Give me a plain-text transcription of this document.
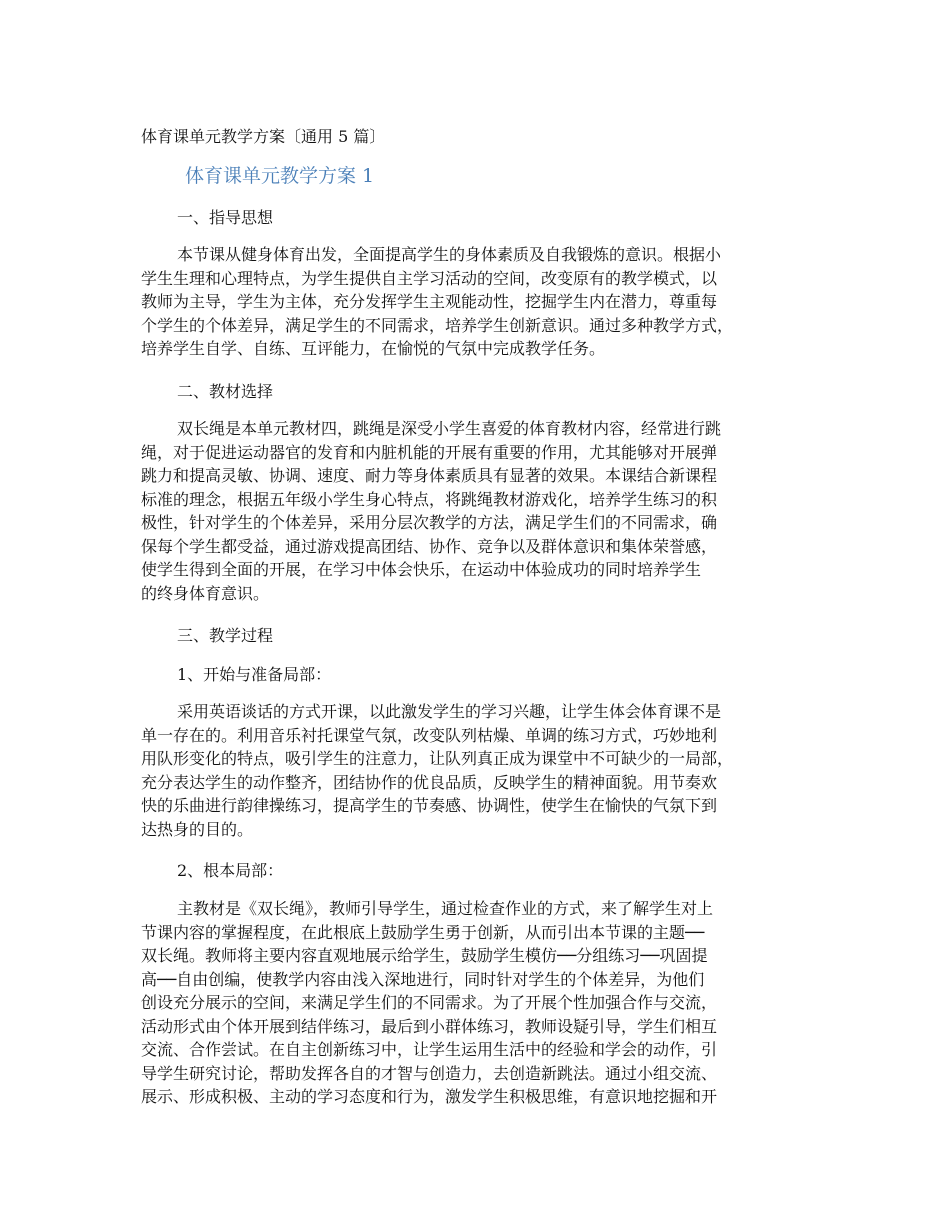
体育课单元教学方案〔通用 5 篇〕
体育课单元教学方案 1
一、指导思想
本节课从健身体育出发，全面提高学生的身体素质及自我锻炼的意识。根据小
学生生理和心理特点，为学生提供自主学习活动的空间，改变原有的教学模式，以
教师为主导，学生为主体，充分发挥学生主观能动性，挖掘学生内在潜力，尊重每
个学生的个体差异，满足学生的不同需求，培养学生创新意识。通过多种教学方式，
培养学生自学、自练、互评能力，在愉悦的气氛中完成教学任务。
二、教材选择
双长绳是本单元教材四，跳绳是深受小学生喜爱的体育教材内容，经常进行跳
绳，对于促进运动器官的发育和内脏机能的开展有重要的作用，尤其能够对开展弹
跳力和提高灵敏、协调、速度、耐力等身体素质具有显著的效果。本课结合新课程
标准的理念，根据五年级小学生身心特点，将跳绳教材游戏化，培养学生练习的积
极性，针对学生的个体差异，采用分层次教学的方法，满足学生们的不同需求，确
保每个学生都受益，通过游戏提高团结、协作、竞争以及群体意识和集体荣誉感，
使学生得到全面的开展，在学习中体会快乐，在运动中体验成功的同时培养学生
的终身体育意识。
三、教学过程
1、开始与准备局部：
采用英语谈话的方式开课，以此激发学生的学习兴趣，让学生体会体育课不是
单一存在的。利用音乐衬托课堂气氛，改变队列枯燥、单调的练习方式，巧妙地利
用队形变化的特点，吸引学生的注意力，让队列真正成为课堂中不可缺少的一局部，
充分表达学生的动作整齐，团结协作的优良品质，反映学生的精神面貌。用节奏欢
快的乐曲进行韵律操练习，提高学生的节奏感、协调性，使学生在愉快的气氛下到
达热身的目的。
2、根本局部：
主教材是《双长绳》，教师引导学生，通过检查作业的方式，来了解学生对上
节课内容的掌握程度，在此根底上鼓励学生勇于创新，从而引出本节课的主题──
双长绳。教师将主要内容直观地展示给学生，鼓励学生模仿──分组练习──巩固提
高──自由创编，使教学内容由浅入深地进行，同时针对学生的个体差异，为他们
创设充分展示的空间，来满足学生们的不同需求。为了开展个性加强合作与交流，
活动形式由个体开展到结伴练习，最后到小群体练习，教师设疑引导，学生们相互
交流、合作尝试。在自主创新练习中，让学生运用生活中的经验和学会的动作，引
导学生研究讨论，帮助发挥各自的才智与创造力，去创造新跳法。通过小组交流、
展示、形成积极、主动的学习态度和行为，激发学生积极思维，有意识地挖掘和开
